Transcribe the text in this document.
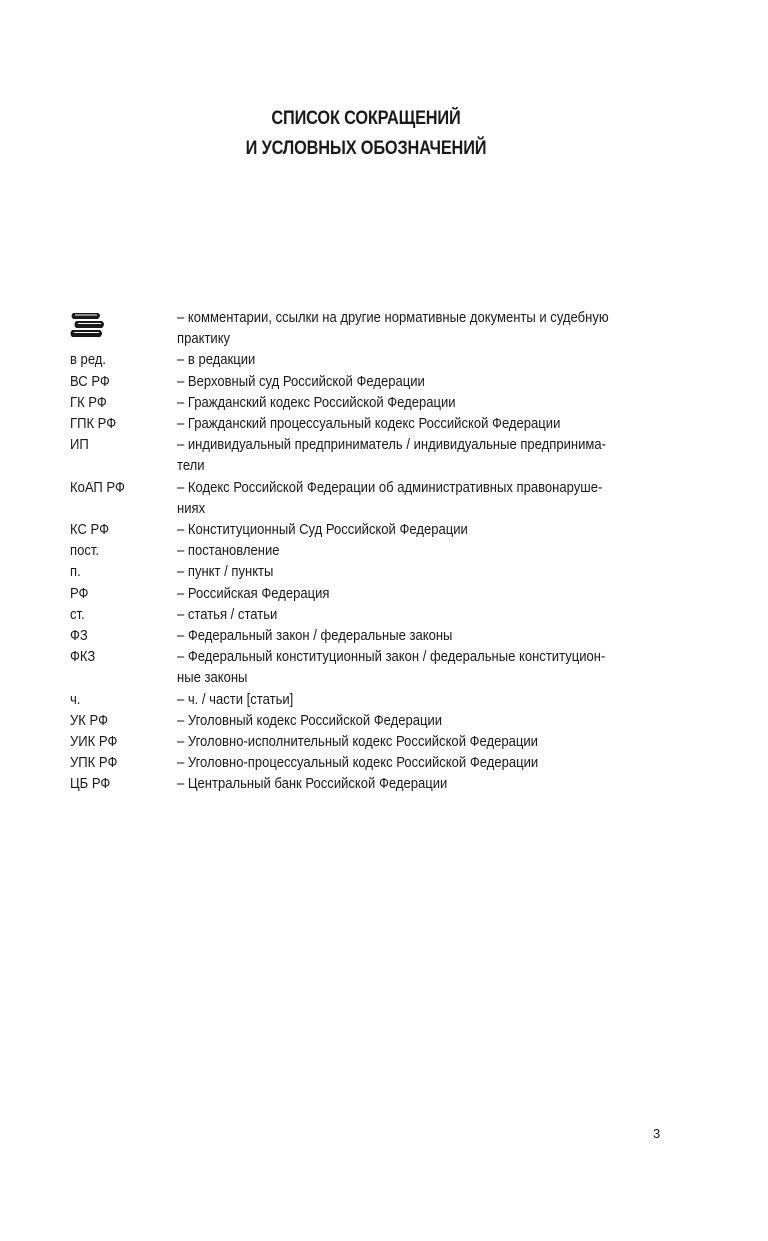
СПИСОК СОКРАЩЕНИЙ
И УСЛОВНЫХ ОБОЗНАЧЕНИЙ
– комментарии, ссылки на другие нормативные документы и судебную
практику
в ред.	– в редакции
ВС РФ	– Верховный суд Российской Федерации
ГК РФ	– Гражданский кодекс Российской Федерации
ГПК РФ	– Гражданский процессуальный кодекс Российской Федерации
ИП	– индивидуальный предприниматель / индивидуальные предпринима-
тели
КоАП РФ	– Кодекс Российской Федерации об административных правонаруше-
ниях
КС РФ	– Конституционный Суд Российской Федерации
пост.	– постановление
п.	– пункт / пункты
РФ	– Российская Федерация
ст.	– статья / статьи
ФЗ	– Федеральный закон / федеральные законы
ФКЗ	– Федеральный конституционный закон / федеральные конституцион-
ные законы
ч.	– ч. / части [статьи]
УК РФ	– Уголовный кодекс Российской Федерации
УИК РФ	– Уголовно-исполнительный кодекс Российской Федерации
УПК РФ	– Уголовно-процессуальный кодекс Российской Федерации
ЦБ РФ	– Центральный банк Российской Федерации
3
